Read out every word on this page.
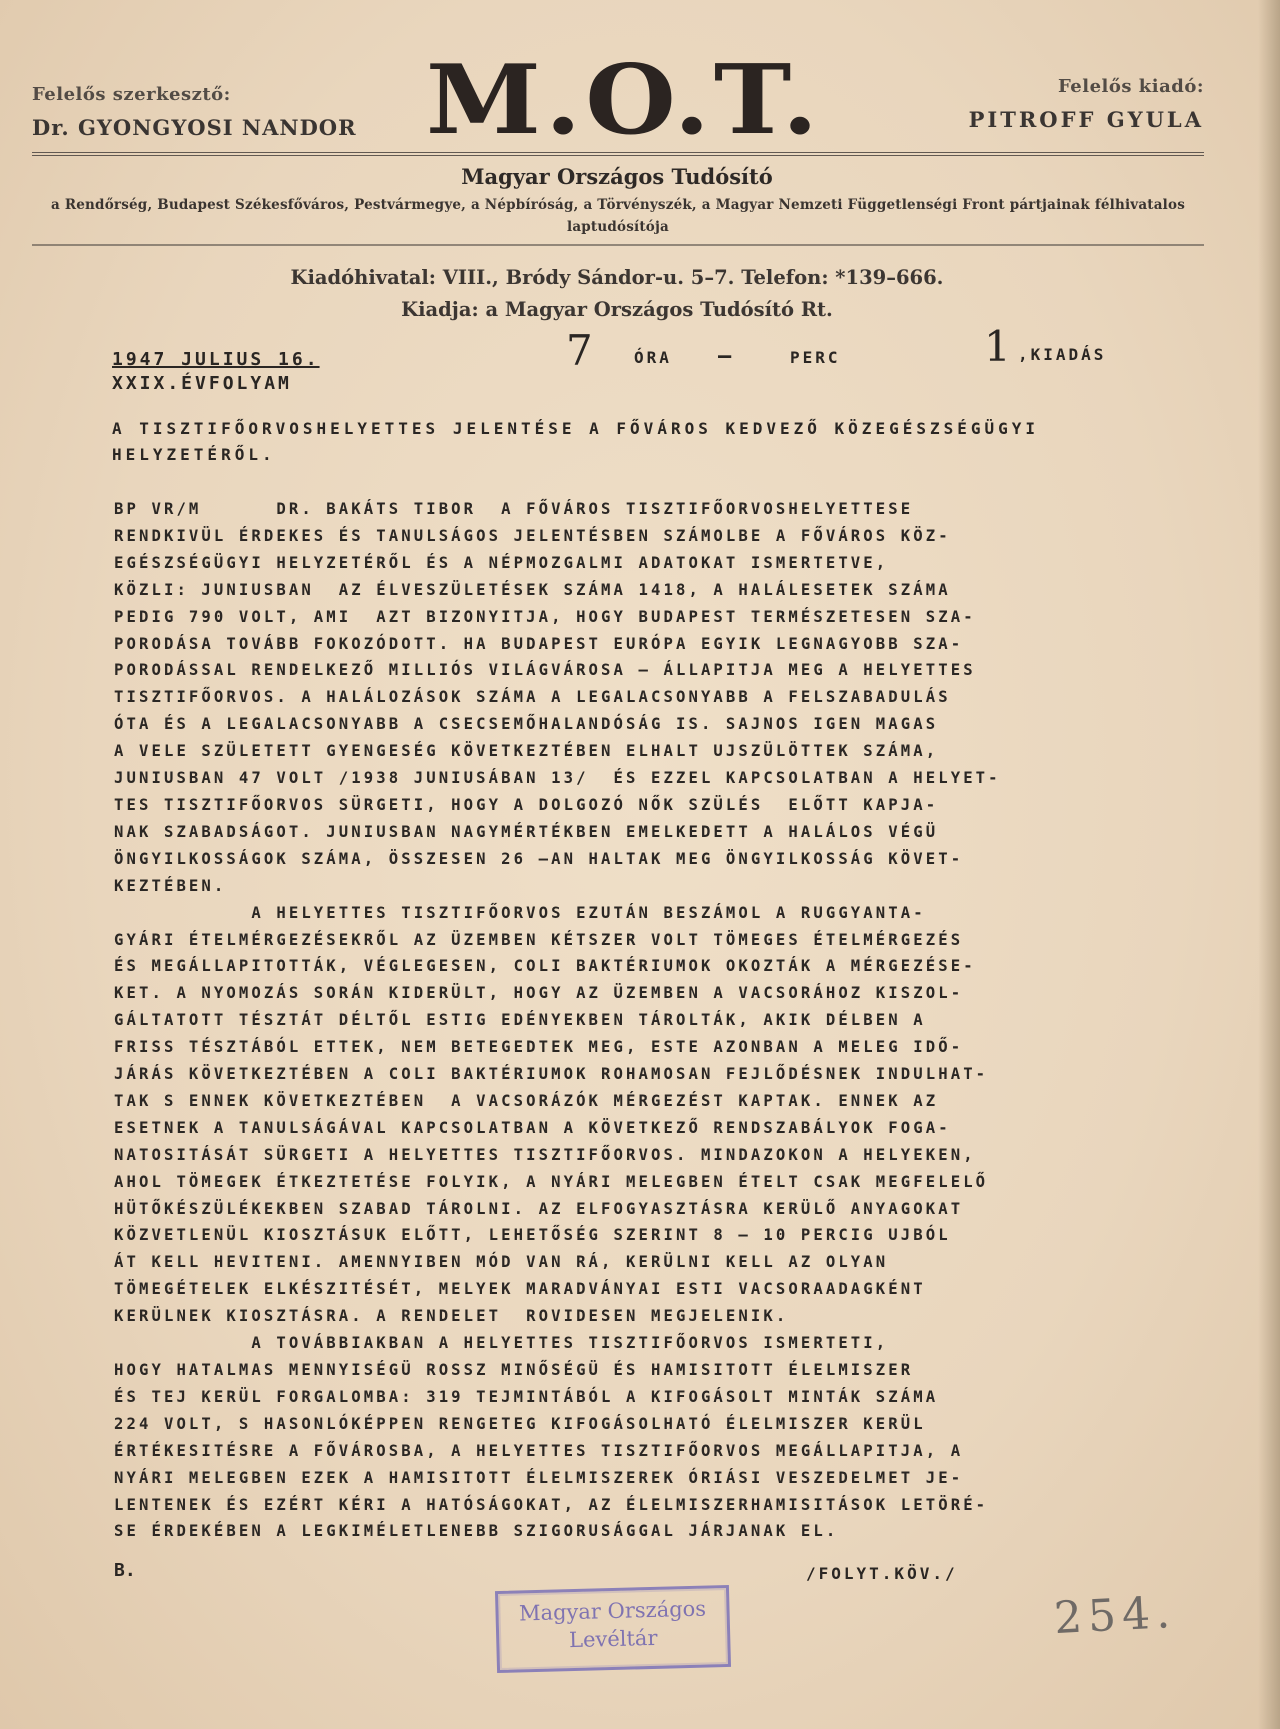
Felelős szerkesztő:
Dr. GYONGYOSI NANDOR M.O.T.	Felelős kiadó:
PITROFF GYULA
Magyar Országos Tudósító
a Rendőrség, Budapest Székesfőváros, Pestvármegye, a Népbíróság, a Törvényszék, a Magyar Nemzeti Függetlenségi Front pártjainak félhivatalos laptudósítója
Kiadóhivatal: VIII., Bródy Sándor-u. 5–7. Telefon: *139–666.
Kiadja: a Magyar Országos Tudósító Rt.
1947 JULIUS 16.
XXIX.ÉVFOLYAM
7	ÓRA –	PERC	1 ,KIADÁS
A TISZTIFŐORVOSHELYETTES JELENTÉSE A FŐVÁROS KEDVEZŐ KÖZEGÉSZSÉGÜGYI
HELYZETÉRŐL.
BP VR/M      DR. BAKÁTS TIBOR  A FŐVÁROS TISZTIFŐORVOSHELYETTESE
RENDKIVÜL ÉRDEKES ÉS TANULSÁGOS JELENTÉSBEN SZÁMOLBE A FŐVÁROS KÖZ-
EGÉSZSÉGÜGYI HELYZETÉRŐL ÉS A NÉPMOZGALMI ADATOKAT ISMERTETVE,
KÖZLI: JUNIUSBAN  AZ ÉLVESZÜLETÉSEK SZÁMA 1418, A HALÁLESETEK SZÁMA
PEDIG 790 VOLT, AMI  AZT BIZONYITJA, HOGY BUDAPEST TERMÉSZETESEN SZA-
PORODÁSA TOVÁBB FOKOZÓDOTT. HA BUDAPEST EURÓPA EGYIK LEGNAGYOBB SZA-
PORODÁSSAL RENDELKEZŐ MILLIÓS VILÁGVÁROSA – ÁLLAPITJA MEG A HELYETTES
TISZTIFŐORVOS. A HALÁLOZÁSOK SZÁMA A LEGALACSONYABB A FELSZABADULÁS
ÓTA ÉS A LEGALACSONYABB A CSECSEMŐHALANDÓSÁG IS. SAJNOS IGEN MAGAS
A VELE SZÜLETETT GYENGESÉG KÖVETKEZTÉBEN ELHALT UJSZÜLÖTTEK SZÁMA,
JUNIUSBAN 47 VOLT /1938 JUNIUSÁBAN 13/  ÉS EZZEL KAPCSOLATBAN A HELYET-
TES TISZTIFŐORVOS SÜRGETI, HOGY A DOLGOZÓ NŐK SZÜLÉS  ELŐTT KAPJA-
NAK SZABADSÁGOT. JUNIUSBAN NAGYMÉRTÉKBEN EMELKEDETT A HALÁLOS VÉGÜ
ÖNGYILKOSSÁGOK SZÁMA, ÖSSZESEN 26 –AN HALTAK MEG ÖNGYILKOSSÁG KÖVET-
KEZTÉBEN.
A HELYETTES TISZTIFŐORVOS EZUTÁN BESZÁMOL A RUGGYANTA-
GYÁRI ÉTELMÉRGEZÉSEKRŐL AZ ÜZEMBEN KÉTSZER VOLT TÖMEGES ÉTELMÉRGEZÉS
ÉS MEGÁLLAPITOTTÁK, VÉGLEGESEN, COLI BAKTÉRIUMOK OKOZTÁK A MÉRGEZÉSE-
KET. A NYOMOZÁS SORÁN KIDERÜLT, HOGY AZ ÜZEMBEN A VACSORÁHOZ KISZOL-
GÁLTATOTT TÉSZTÁT DÉLTŐL ESTIG EDÉNYEKBEN TÁROLTÁK, AKIK DÉLBEN A
FRISS TÉSZTÁBÓL ETTEK, NEM BETEGEDTEK MEG, ESTE AZONBAN A MELEG IDŐ-
JÁRÁS KÖVETKEZTÉBEN A COLI BAKTÉRIUMOK ROHAMOSAN FEJLŐDÉSNEK INDULHAT-
TAK S ENNEK KÖVETKEZTÉBEN  A VACSORÁZÓK MÉRGEZÉST KAPTAK. ENNEK AZ
ESETNEK A TANULSÁGÁVAL KAPCSOLATBAN A KÖVETKEZŐ RENDSZABÁLYOK FOGA-
NATOSITÁSÁT SÜRGETI A HELYETTES TISZTIFŐORVOS. MINDAZOKON A HELYEKEN,
AHOL TÖMEGEK ÉTKEZTETÉSE FOLYIK, A NYÁRI MELEGBEN ÉTELT CSAK MEGFELELŐ
HÜTŐKÉSZÜLÉKEKBEN SZABAD TÁROLNI. AZ ELFOGYASZTÁSRA KERÜLŐ ANYAGOKAT
KÖZVETLENÜL KIOSZTÁSUK ELŐTT, LEHETŐSÉG SZERINT 8 – 10 PERCIG UJBÓL
ÁT KELL HEVITENI. AMENNYIBEN MÓD VAN RÁ, KERÜLNI KELL AZ OLYAN
TÖMEGÉTELEK ELKÉSZITÉSÉT, MELYEK MARADVÁNYAI ESTI VACSORAADAGKÉNT
KERÜLNEK KIOSZTÁSRA. A RENDELET  ROVIDESEN MEGJELENIK.
A TOVÁBBIAKBAN A HELYETTES TISZTIFŐORVOS ISMERTETI,
HOGY HATALMAS MENNYISÉGÜ ROSSZ MINŐSÉGÜ ÉS HAMISITOTT ÉLELMISZER
ÉS TEJ KERÜL FORGALOMBA: 319 TEJMINTÁBÓL A KIFOGÁSOLT MINTÁK SZÁMA
224 VOLT, S HASONLÓKÉPPEN RENGETEG KIFOGÁSOLHATÓ ÉLELMISZER KERÜL
ÉRTÉKESITÉSRE A FŐVÁROSBA, A HELYETTES TISZTIFŐORVOS MEGÁLLAPITJA, A
NYÁRI MELEGBEN EZEK A HAMISITOTT ÉLELMISZEREK ÓRIÁSI VESZEDELMET JE-
LENTENEK ÉS EZÉRT KÉRI A HATÓSÁGOKAT, AZ ÉLELMISZERHAMISITÁSOK LETÖRÉ-
SE ÉRDEKÉBEN A LEGKIMÉLETLENEBB SZIGORUSÁGGAL JÁRJANAK EL.
B.	/FOLYT.KÖV./
Magyar Országos
Levéltár	254.
